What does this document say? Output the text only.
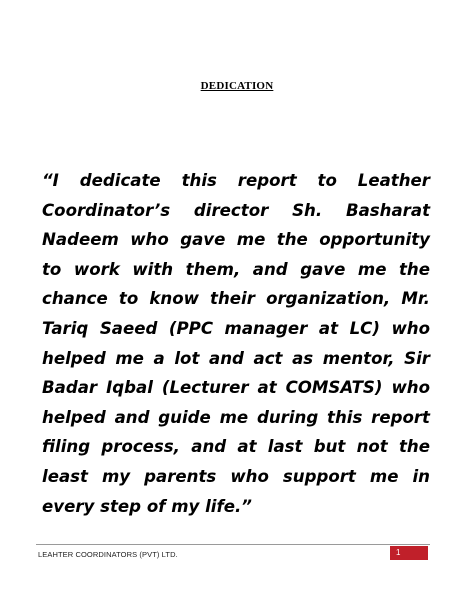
DEDICATION
“I dedicate this report to Leather
Coordinator’s director Sh. Basharat
Nadeem who gave me the opportunity
to work with them, and gave me the
chance to know their organization, Mr.
Tariq Saeed (PPC manager at LC) who
helped me a lot and act as mentor, Sir
Badar Iqbal (Lecturer at COMSATS) who
helped and guide me during this report
filing process, and at last but not the
least my parents who support me in
every step of my life.”
LEAHTER COORDINATORS (PVT) LTD.	1
